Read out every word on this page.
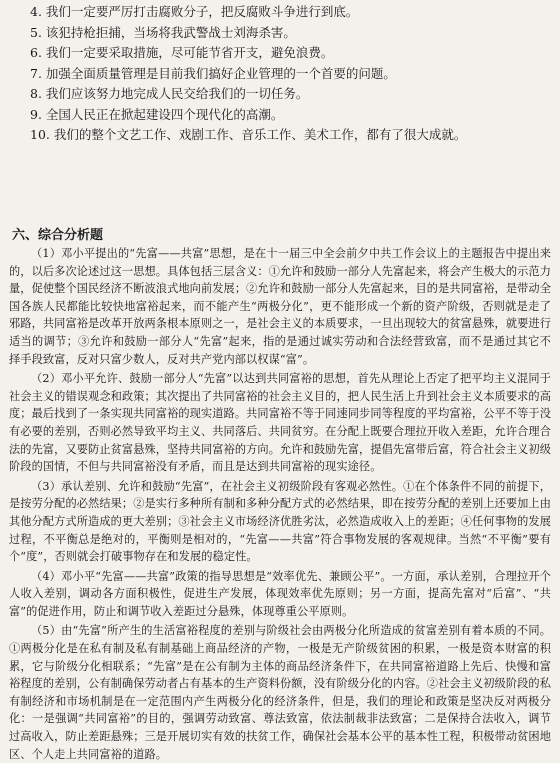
4. 我们一定要严厉打击腐败分子，把反腐败斗争进行到底。
5. 该犯持枪拒捕，当场将我武警战士刘海杀害。
6. 我们一定要采取措施，尽可能节省开支，避免浪费。
7. 加强全面质量管理是目前我们搞好企业管理的一个首要的问题。
8. 我们应该努力地完成人民交给我们的一切任务。
9. 全国人民正在掀起建设四个现代化的高潮。
10. 我们的整个文艺工作、戏剧工作、音乐工作、美术工作，都有了很大成就。
六、综合分析题

（1）邓小平提出的“先富——共富”思想，是在十一届三中全会前夕中共工作会议上的主题报告中提出来的，以后多次论述过这一思想。具体包括三层含义：①允许和鼓励一部分人先富起来，将会产生极大的示范力量，促使整个国民经济不断波浪式地向前发展；②允许和鼓励一部分人先富起来，目的是共同富裕，是带动全国各族人民都能比较快地富裕起来，而不能产生“两极分化”，更不能形成一个新的资产阶级，否则就是走了邪路，共同富裕是改革开放两条根本原则之一，是社会主义的本质要求，一旦出现较大的贫富悬殊，就要进行适当的调节；③允许和鼓励一部分人“先富”起来，指的是通过诚实劳动和合法经营致富，而不是通过其它不择手段致富，反对只富少数人，反对共产党内部以权谋“富”。

（2）邓小平允许、鼓励一部分人“先富”以达到共同富裕的思想，首先从理论上否定了把平均主义混同于社会主义的错误观念和政策；其次提出了共同富裕的社会主义目的，把人民生活上升到社会主义本质要求的高度；最后找到了一条实现共同富裕的现实道路。共同富裕不等于同速同步同等程度的平均富裕，公平不等于没有必要的差别，否则必然导致平均主义、共同落后、共同贫穷。在分配上既要合理拉开收入差距，允许合理合法的先富，又要防止贫富悬殊，坚持共同富裕的方向。允许和鼓励先富，提倡先富带后富，符合社会主义初级阶段的国情，不但与共同富裕没有矛盾，而且是达到共同富裕的现实途径。

（3）承认差别、允许和鼓励“先富”，在社会主义初级阶段有客观必然性。①在个体条件不同的前提下，是按劳分配的必然结果；②是实行多种所有制和多种分配方式的必然结果，即在按劳分配的差别上还要加上由其他分配方式所造成的更大差别；③社会主义市场经济优胜劣汰，必然造成收入上的差距；④任何事物的发展过程，不平衡总是绝对的，平衡则是相对的，“先富——共富”符合事物发展的客观规律。当然“不平衡”要有个“度”，否则就会打破事物存在和发展的稳定性。

（4）邓小平“先富——共富”政策的指导思想是“效率优先、兼顾公平”。一方面，承认差别，合理拉开个人收入差别，调动各方面积极性，促进生产发展，体现效率优先原则；另一方面，提高先富对“后富”、“共富”的促进作用，防止和调节收入差距过分悬殊，体现尊重公平原则。

（5）由“先富”所产生的生活富裕程度的差别与阶级社会由两极分化所造成的贫富差别有着本质的不同。①两极分化是在私有制及私有制基础上商品经济的产物，一极是无产阶级贫困的积累，一极是资本财富的积累，它与阶级分化相联系；“先富”是在公有制为主体的商品经济条件下，在共同富裕道路上先后、快慢和富裕程度的差别，公有制确保劳动者占有基本的生产资料份额，没有阶级分化的内容。②社会主义初级阶段的私有制经济和市场机制是在一定范围内产生两极分化的经济条件，但是，我们的理论和政策是坚决反对两极分化：一是强调“共同富裕”的目的，强调劳动致富、尊法致富，依法制裁非法致富；二是保持合法收入，调节过高收入，防止差距悬殊；三是开展切实有效的扶贫工作，确保社会基本公平的基本性工程，积极带动贫困地区、个人走上共同富裕的道路。
